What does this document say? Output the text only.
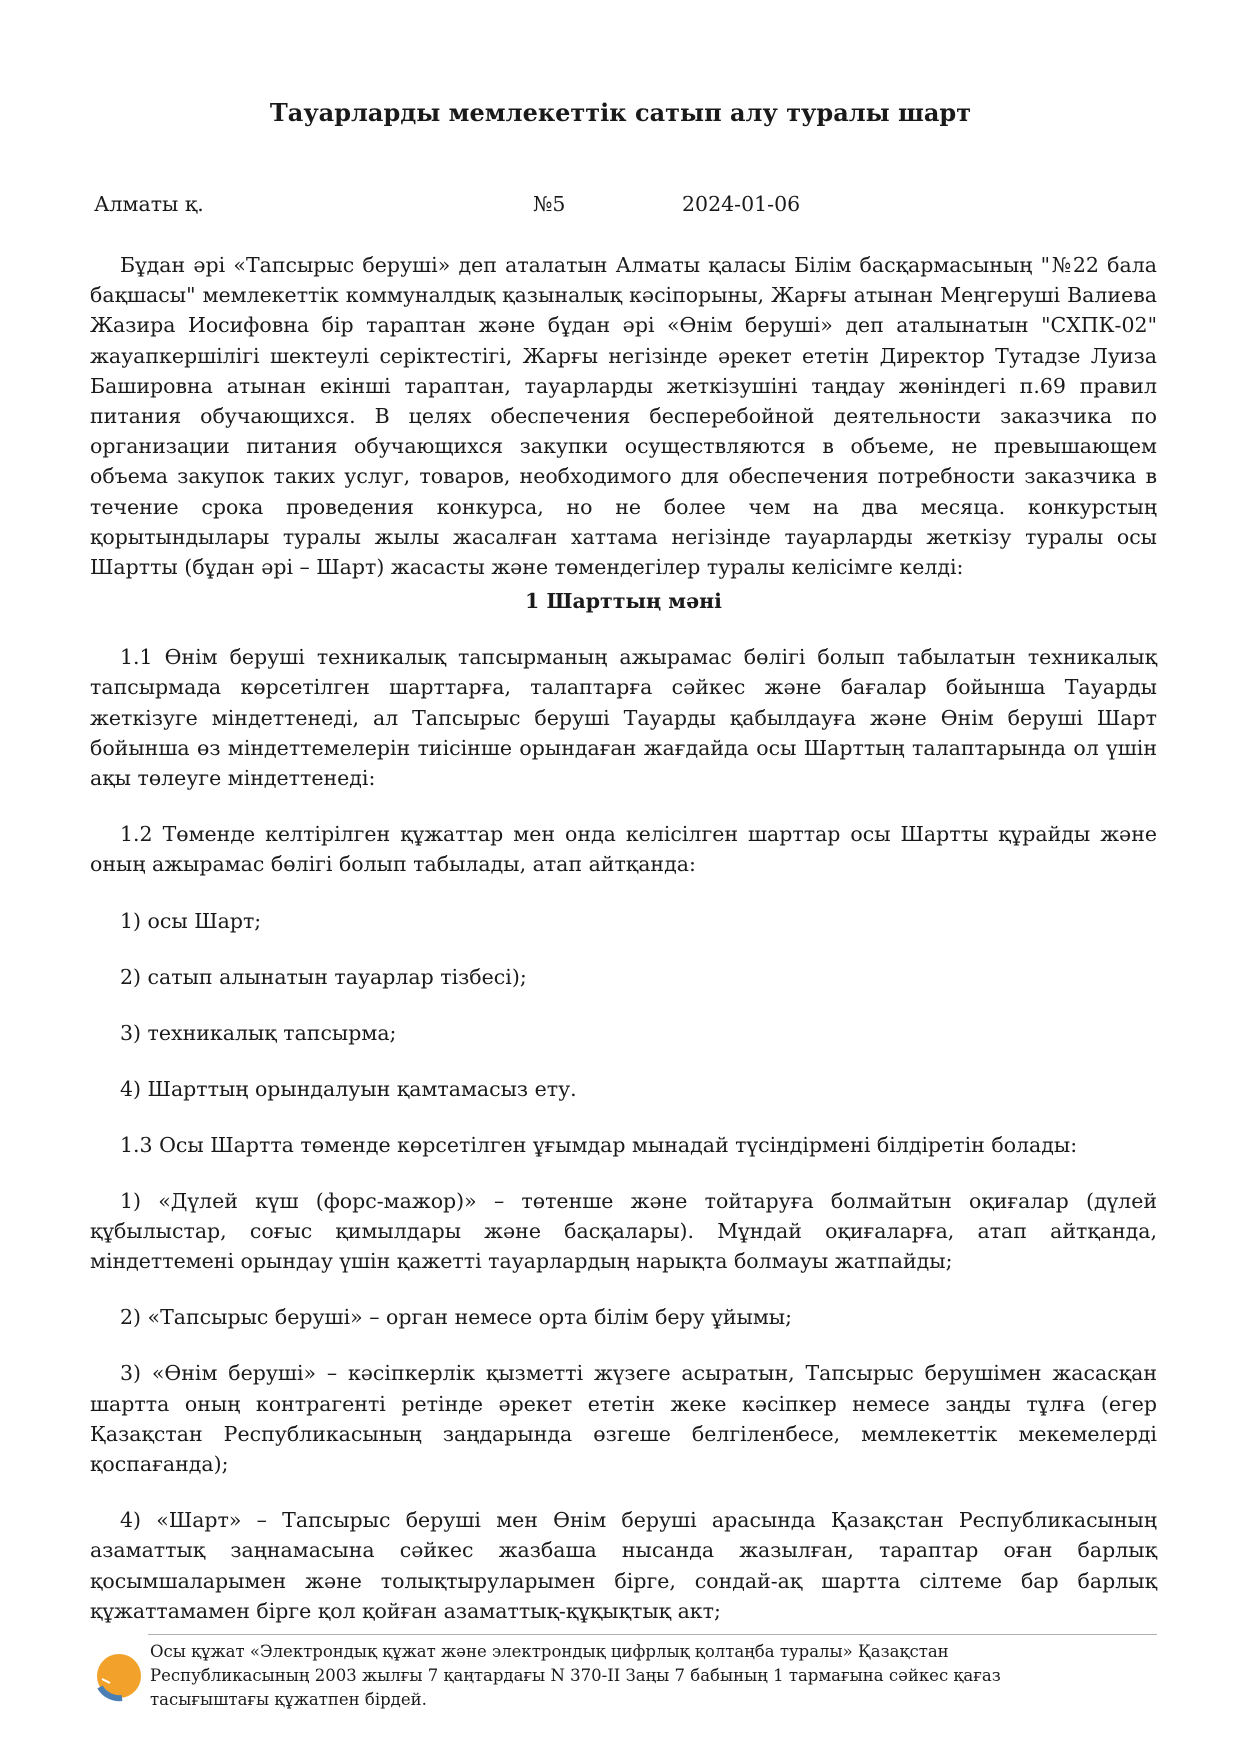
Тауарларды мемлекеттік сатып алу туралы шарт
Алматы қ.	№5	2024-01-06

Бұдан әрі «Тапсырыс беруші» деп аталатын Алматы қаласы Білім басқармасының "№22 бала бақшасы" мемлекеттік коммуналдық қазыналық кәсіпорыны, Жарғы атынан Меңгеруші Валиева Жазира Иосифовна бір тараптан және бұдан әрі «Өнім беруші» деп аталынатын "СХПК-02" жауапкершілігі шектеулі серіктестігі, Жарғы негізінде әрекет ететін Директор Тутадзе Луиза Башировна атынан екінші тараптан, тауарларды жеткізушіні таңдау жөніндегі п.69 правил питания обучающихся. В целях обеспечения бесперебойной деятельности заказчика по организации питания обучающихся закупки осуществляются в объеме, не превышающем объема закупок таких услуг, товаров, необходимого для обеспечения потребности заказчика в течение срока проведения конкурса, но не более чем на два месяца. конкурстың қорытындылары туралы жылы жасалған хаттама негізінде тауарларды жеткізу туралы осы Шартты (бұдан әрі – Шарт) жасасты және төмендегілер туралы келісімге келді:

1 Шарттың мәні

1.1 Өнім беруші техникалық тапсырманың ажырамас бөлігі болып табылатын техникалық тапсырмада көрсетілген шарттарға, талаптарға сәйкес және бағалар бойынша Тауарды жеткізуге міндеттенеді, ал Тапсырыс беруші Тауарды қабылдауға және Өнім беруші Шарт бойынша өз міндеттемелерін тиісінше орындаған жағдайда осы Шарттың талаптарында ол үшін ақы төлеуге міндеттенеді:

1.2 Төменде келтірілген құжаттар мен онда келісілген шарттар осы Шартты құрайды және оның ажырамас бөлігі болып табылады, атап айтқанда:

1) осы Шарт;
2) сатып алынатын тауарлар тізбесі);
3) техникалық тапсырма;
4) Шарттың орындалуын қамтамасыз ету.
1.3 Осы Шартта төменде көрсетілген ұғымдар мынадай түсіндірмені білдіретін болады:

1) «Дүлей күш (форс-мажор)» – төтенше және тойтаруға болмайтын оқиғалар (дүлей құбылыстар, соғыс қимылдары және басқалары). Мұндай оқиғаларға, атап айтқанда, міндеттемені орындау үшін қажетті тауарлардың нарықта болмауы жатпайды;

2) «Тапсырыс беруші» – орган немесе орта білім беру ұйымы;

3) «Өнім беруші» – кәсіпкерлік қызметті жүзеге асыратын, Тапсырыс берушімен жасасқан шартта оның контрагенті ретінде әрекет ететін жеке кәсіпкер немесе заңды тұлға (егер Қазақстан Республикасының заңдарында өзгеше белгіленбесе, мемлекеттік мекемелерді қоспағанда);

4) «Шарт» – Тапсырыс беруші мен Өнім беруші арасында Қазақстан Республикасының азаматтық заңнамасына сәйкес жазбаша нысанда жазылған, тараптар оған барлық қосымшаларымен және толықтыруларымен бірге, сондай-ақ шартта сілтеме бар барлық құжаттамамен бірге қол қойған азаматтық-құқықтық акт;

Осы құжат «Электрондық құжат және электрондық цифрлық қолтаңба туралы» Қазақстан
Республикасының 2003 жылғы 7 қаңтардағы N 370-II Заңы 7 бабының 1 тармағына сәйкес қағаз
тасығыштағы құжатпен бірдей.
